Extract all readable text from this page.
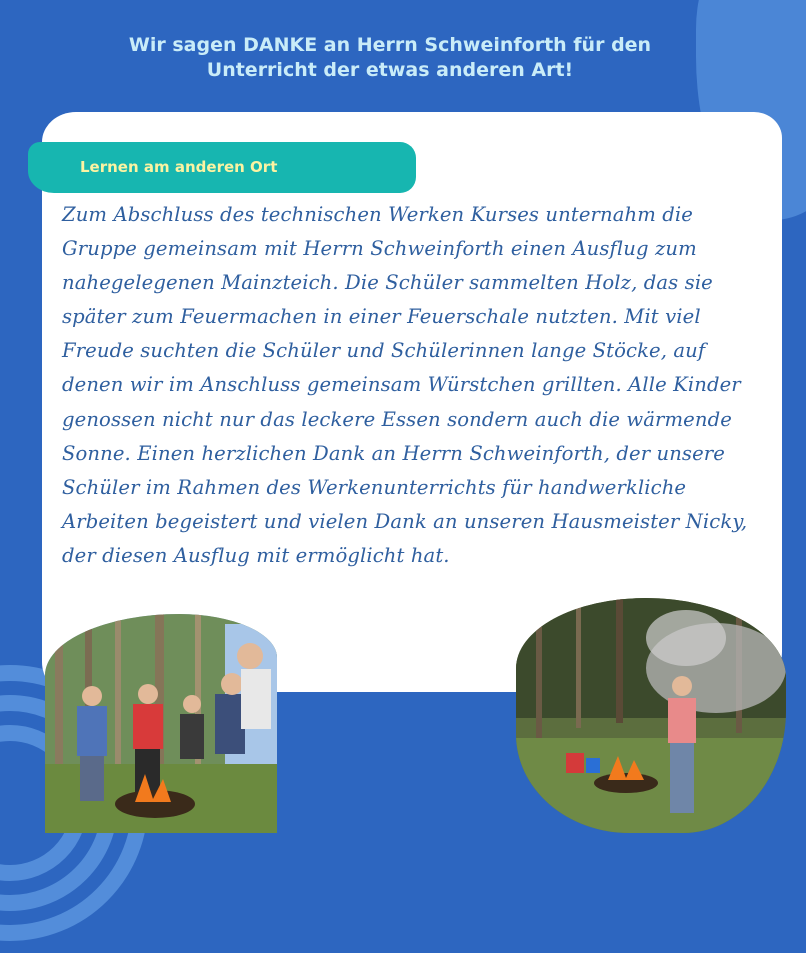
Wir sagen DANKE an Herrn Schweinforth für den
Unterricht der etwas anderen Art!
Lernen am anderen Ort

Zum Abschluss des technischen Werken Kurses unternahm die Gruppe gemeinsam mit Herrn Schweinforth einen Ausflug zum nahegelegenen Mainzteich. Die Schüler sammelten Holz, das sie später zum Feuermachen in einer Feuerschale nutzten. Mit viel Freude suchten die Schüler und Schülerinnen lange Stöcke, auf denen wir im Anschluss gemeinsam Würstchen grillten. Alle Kinder genossen nicht nur das leckere Essen sondern auch die wärmende Sonne. Einen herzlichen Dank an Herrn Schweinforth, der unsere Schüler im Rahmen des Werkenunterrichts für handwerkliche Arbeiten begeistert und vielen Dank an unseren Hausmeister Nicky, der diesen Ausflug mit ermöglicht hat.
